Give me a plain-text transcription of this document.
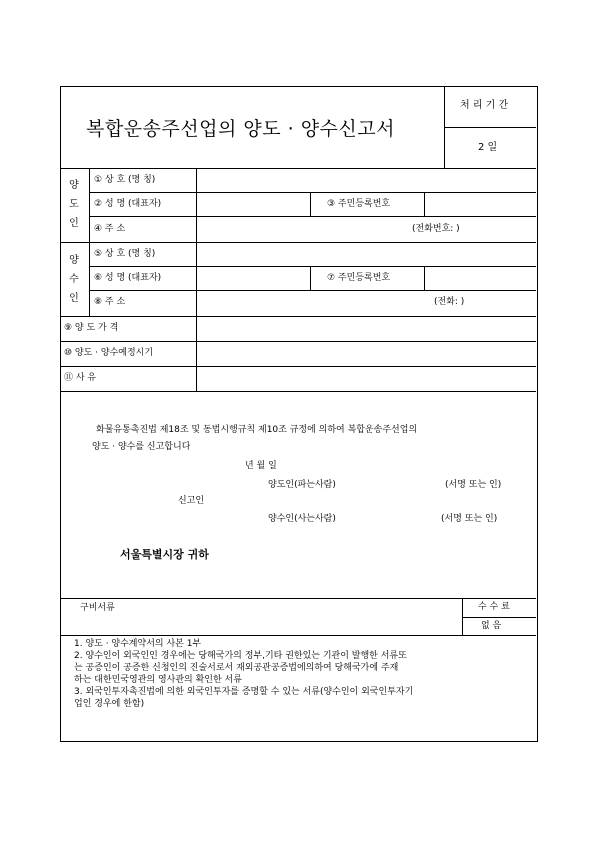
복합운송주선업의 양도 · 양수신고서
처 리 기 간
2 일
양
도
인
① 상 호 (명 칭)
② 성 명 (대표자)	③ 주민등록번호
④ 주 소	(전화번호: )
양
수
인
⑤ 상 호 (명 칭)
⑥ 성 명 (대표자)	⑦ 주민등록번호
⑧ 주 소	(전화: )
⑨ 양 도 가 격
⑩ 양도 · 양수예정시기
⑪ 사 유
화물유통촉진법 제18조 및 동법시행규칙 제10조 규정에 의하여 복합운송주선업의
양도 · 양수를 신고합니다
년 월 일
양도인(파는사람)	(서명 또는 인)
신고인
양수인(사는사람)	(서명 또는 인)
서울특별시장 귀하
구비서류	수 수 료
없 음
1. 양도 · 양수계약서의 사본 1부
2. 양수인이 외국인인 경우에는 당해국가의 정부,기타 권한있는 기관이 발행한 서류또
는 공증인이 공증한 신청인의 진술서로서 재외공관공증법에의하여 당해국가에 주재
하는 대한민국영관의 영사관의 확인한 서류
3. 외국인투자촉진법에 의한 외국인투자를 증명할 수 있는 서류(양수인이 외국인투자기
업인 경우에 한함)
